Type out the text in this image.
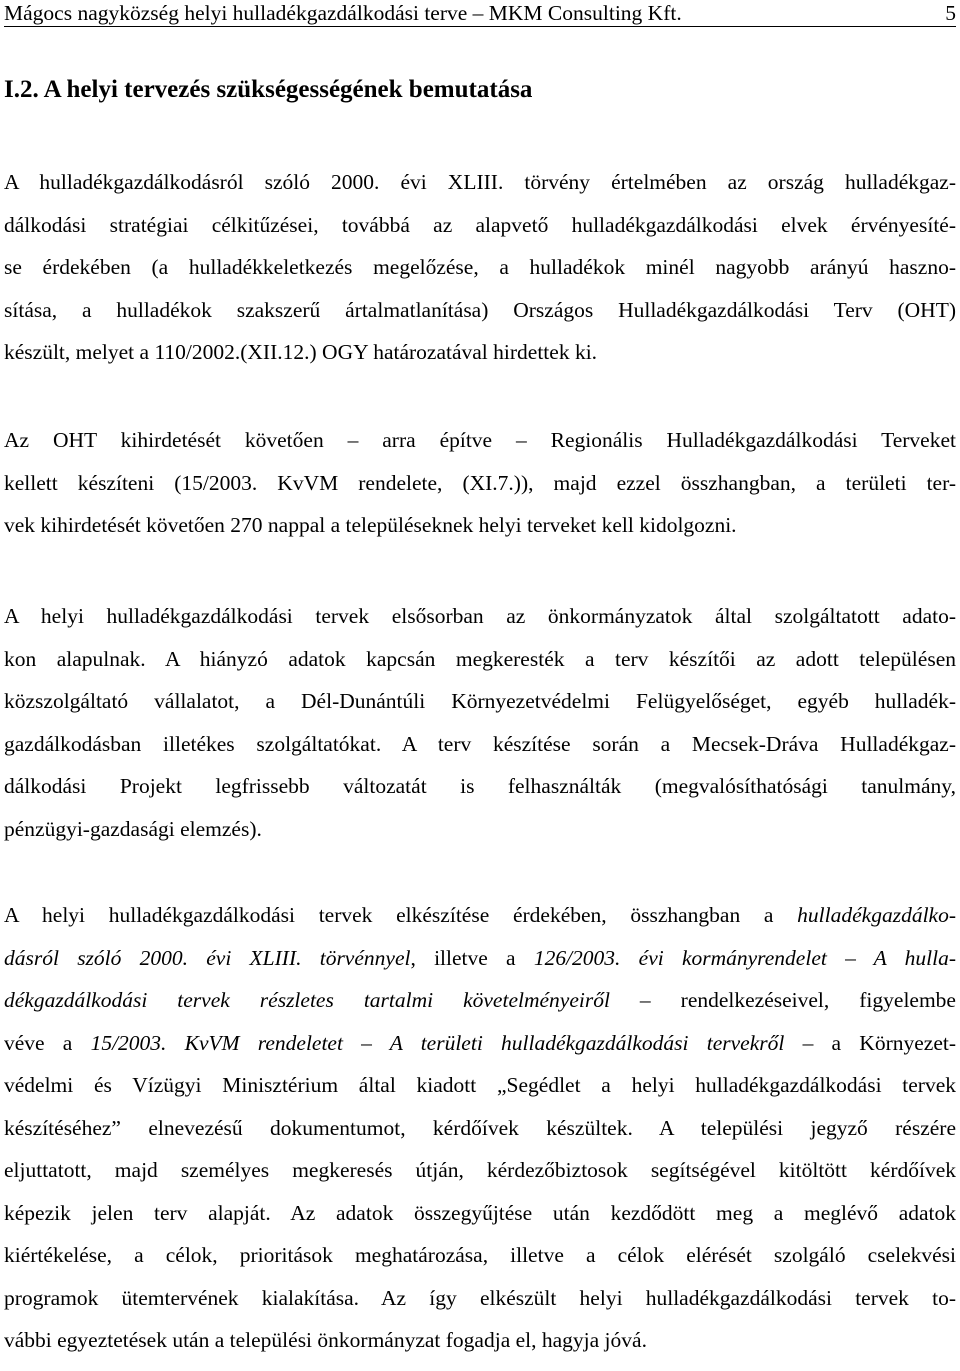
Mágocs nagyközség helyi hulladékgazdálkodási terve – MKM Consulting Kft.	5
I.2. A helyi tervezés szükségességének bemutatása
A hulladékgazdálkodásról szóló 2000. évi XLIII. törvény értelmében az ország hulladékgaz-
dálkodási stratégiai célkitűzései, továbbá az alapvető hulladékgazdálkodási elvek érvényesíté-
se érdekében (a hulladékkeletkezés megelőzése, a hulladékok minél nagyobb arányú haszno-
sítása, a hulladékok szakszerű ártalmatlanítása) Országos Hulladékgazdálkodási Terv (OHT)
készült, melyet a 110/2002.(XII.12.) OGY határozatával hirdettek ki.
Az OHT kihirdetését követően – arra építve – Regionális Hulladékgazdálkodási Terveket
kellett készíteni (15/2003. KvVM rendelete, (XI.7.)), majd ezzel összhangban, a területi ter-
vek kihirdetését követően 270 nappal a településeknek helyi terveket kell kidolgozni.
A helyi hulladékgazdálkodási tervek elsősorban az önkormányzatok által szolgáltatott adato-
kon alapulnak. A hiányzó adatok kapcsán megkeresték a terv készítői az adott településen
közszolgáltató vállalatot, a Dél-Dunántúli Környezetvédelmi Felügyelőséget, egyéb hulladék-
gazdálkodásban illetékes szolgáltatókat. A terv készítése során a Mecsek-Dráva Hulladékgaz-
dálkodási Projekt legfrissebb változatát is felhasználták (megvalósíthatósági tanulmány,
pénzügyi-gazdasági elemzés).
A helyi hulladékgazdálkodási tervek elkészítése érdekében, összhangban a hulladékgazdálko-
dásról szóló 2000. évi XLIII. törvénnyel, illetve a 126/2003. évi kormányrendelet – A hulla-
dékgazdálkodási tervek részletes tartalmi követelményeiről – rendelkezéseivel, figyelembe
véve a 15/2003. KvVM rendeletet – A területi hulladékgazdálkodási tervekről – a Környezet-
védelmi és Vízügyi Minisztérium által kiadott „Segédlet a helyi hulladékgazdálkodási tervek
készítéséhez” elnevezésű dokumentumot, kérdőívek készültek. A települési jegyző részére
eljuttatott, majd személyes megkeresés útján, kérdezőbiztosok segítségével kitöltött kérdőívek
képezik jelen terv alapját. Az adatok összegyűjtése után kezdődött meg a meglévő adatok
kiértékelése, a célok, prioritások meghatározása, illetve a célok elérését szolgáló cselekvési
programok ütemtervének kialakítása. Az így elkészült helyi hulladékgazdálkodási tervek to-
vábbi egyeztetések után a települési önkormányzat fogadja el, hagyja jóvá.
